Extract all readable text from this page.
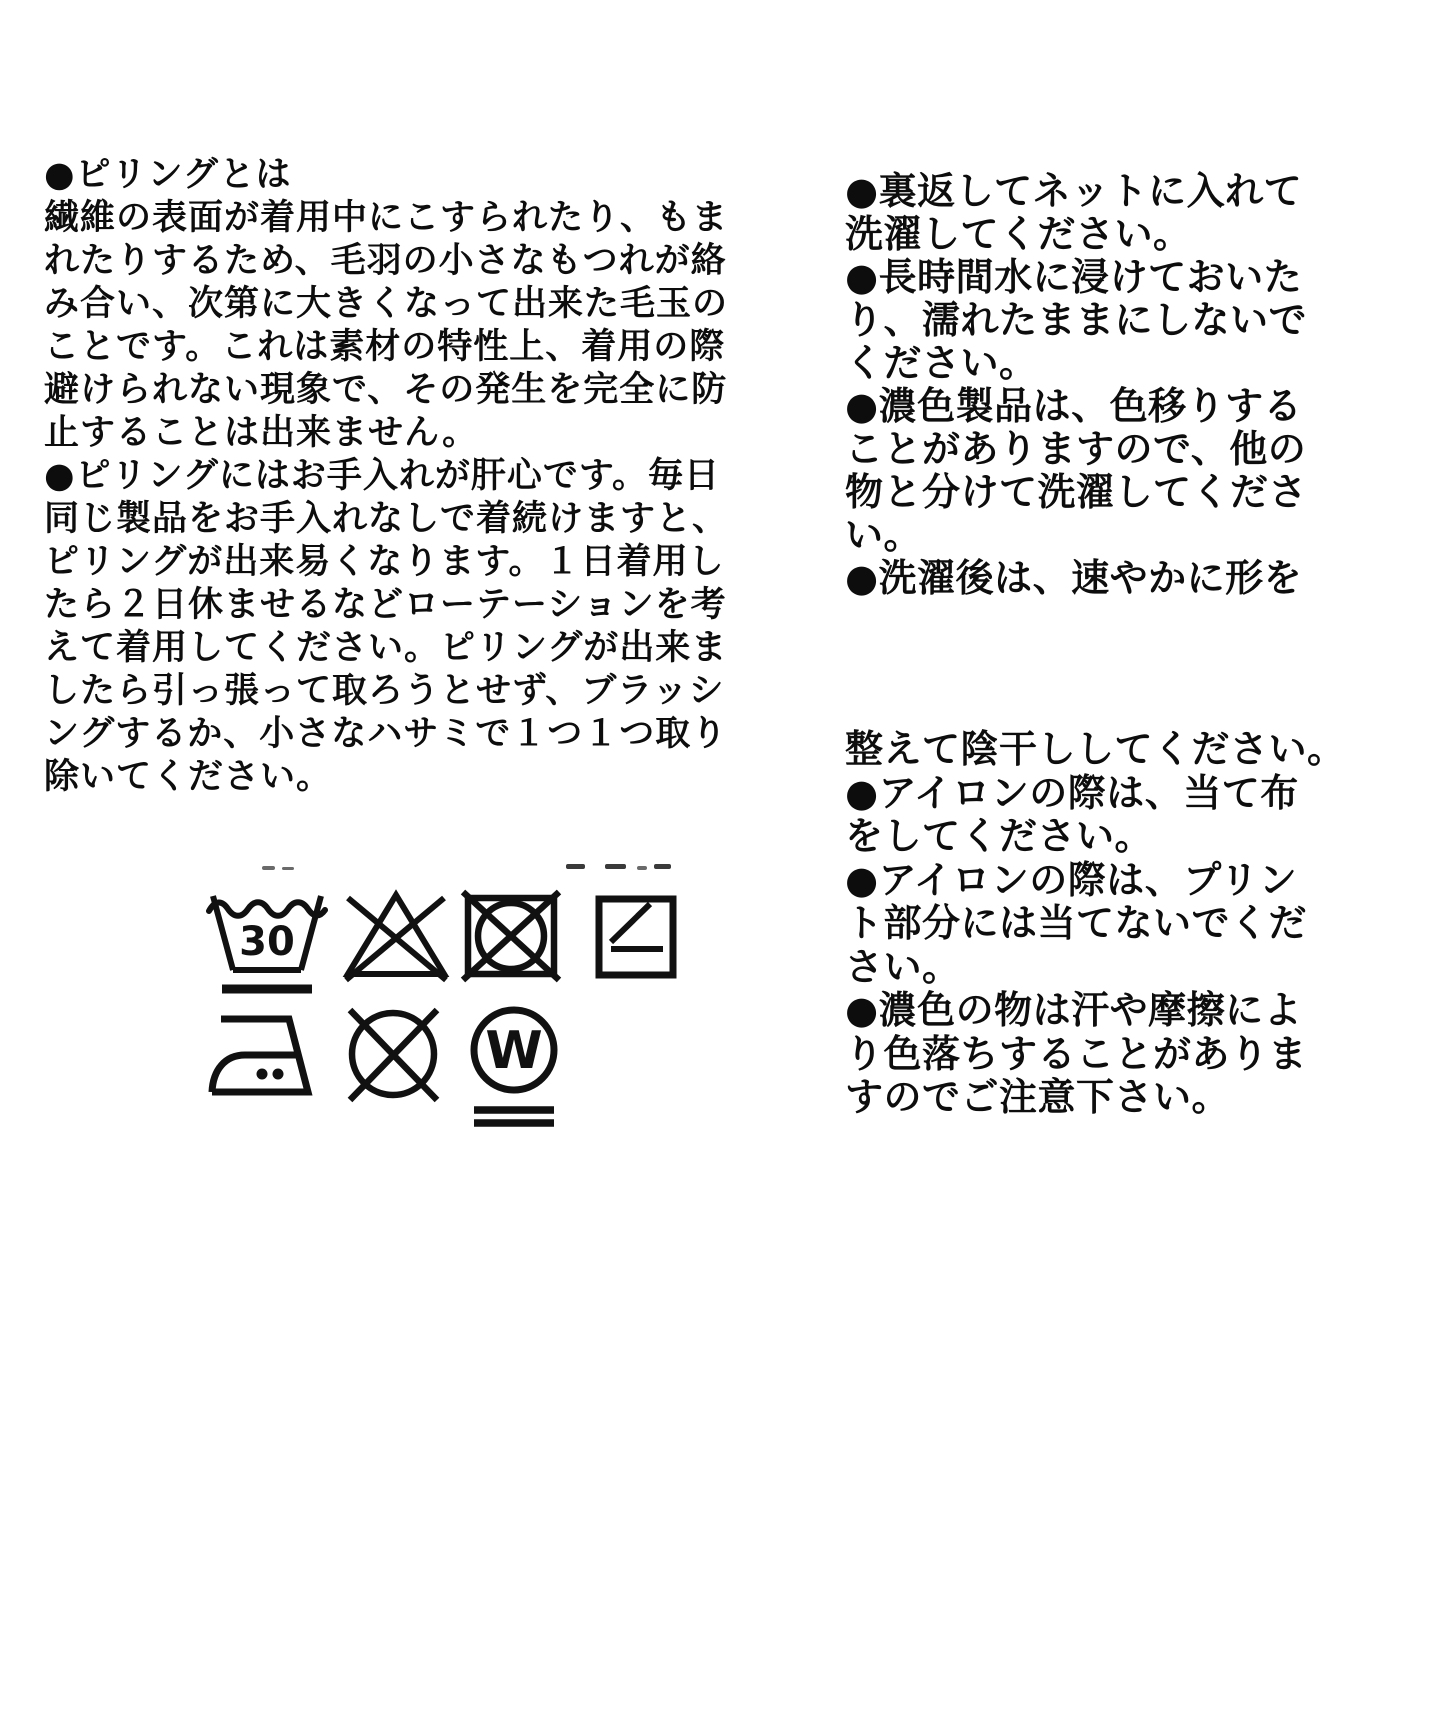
●ピリングとは
繊維の表面が着用中にこすられたり、もま
れたりするため、毛羽の小さなもつれが絡
み合い、次第に大きくなって出来た毛玉の
ことです。これは素材の特性上、着用の際
避けられない現象で、その発生を完全に防
止することは出来ません。
●ピリングにはお手入れが肝心です。毎日
同じ製品をお手入れなしで着続けますと、
ピリングが出来易くなります。１日着用し
たら２日休ませるなどローテーションを考
えて着用してください。ピリングが出来ま
したら引っ張って取ろうとせず、ブラッシ
ングするか、小さなハサミで１つ１つ取り
除いてください。
●裏返してネットに入れて
洗濯してください。
●長時間水に浸けておいた
り、濡れたままにしないで
ください。
●濃色製品は、色移りする
ことがありますので、他の
物と分けて洗濯してくださ
い。
●洗濯後は、速やかに形を
整えて陰干ししてください。
●アイロンの際は、当て布
をしてください。
●アイロンの際は、プリン
ト部分には当てないでくだ
さい。
●濃色の物は汗や摩擦によ
り色落ちすることがありま
すのでご注意下さい。
30
W
